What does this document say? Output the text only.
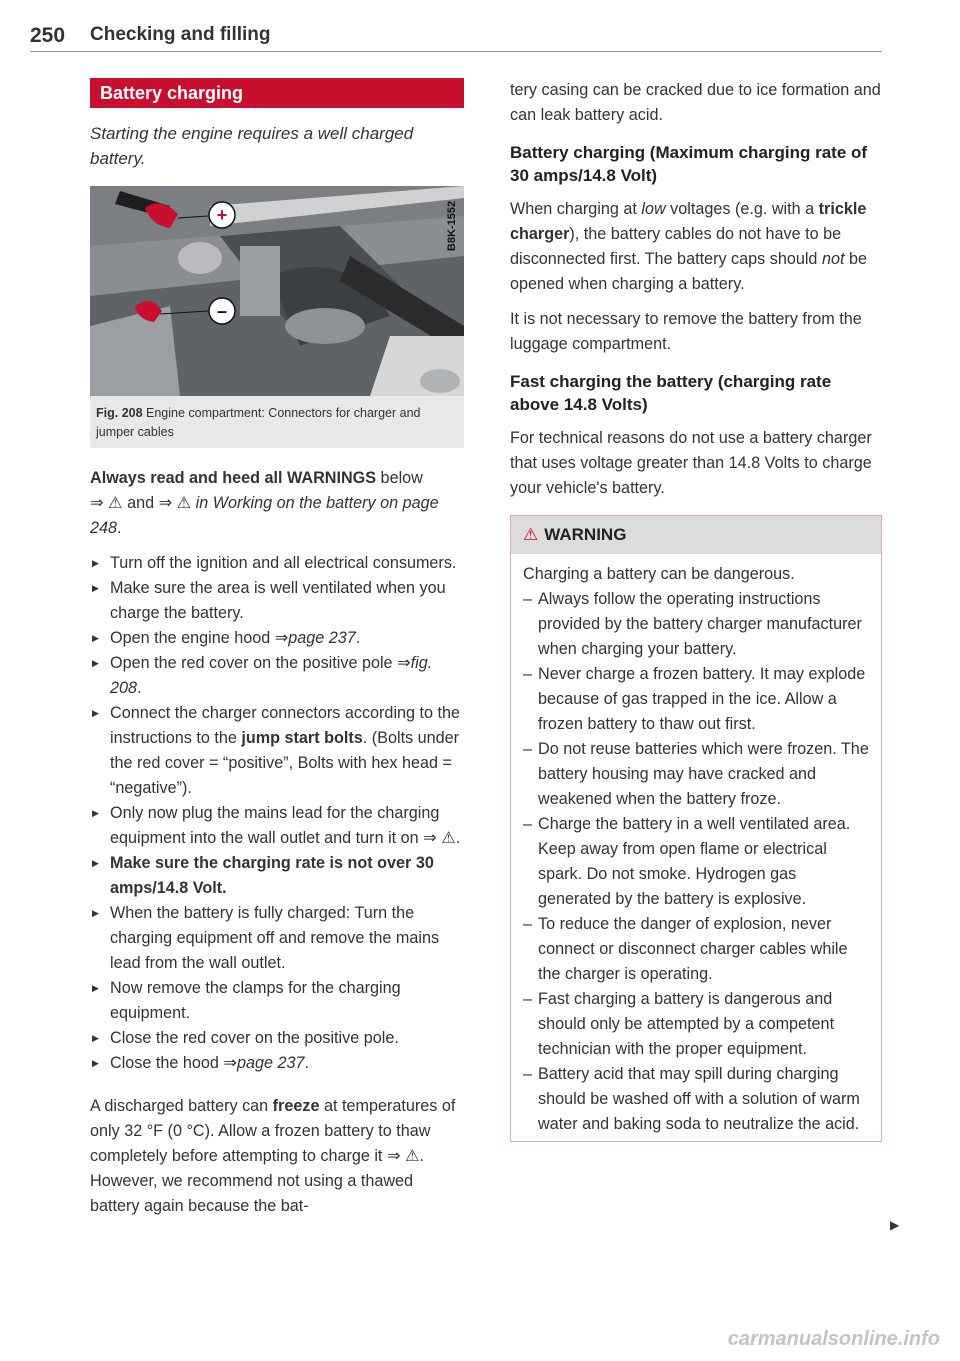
250 Checking and filling
Battery charging
Starting the engine requires a well charged battery.
+
–
B8K-1552
Fig. 208 Engine compartment: Connectors for charger and jumper cables

Always read and heed all WARNINGS below
⇒ ⚠ and ⇒ ⚠ in Working on the battery on page 248.

▶ Turn off the ignition and all electrical consumers.
▶ Make sure the area is well ventilated when you charge the battery.
▶ Open the engine hood ⇒page 237.
▶ Open the red cover on the positive pole ⇒fig. 208.
▶ Connect the charger connectors according to the instructions to the jump start bolts. (Bolts under the red cover = “positive”, Bolts with hex head = “negative”).
▶ Only now plug the mains lead for the charging equipment into the wall outlet and turn it on ⇒ ⚠.
▶ Make sure the charging rate is not over 30 amps/14.8 Volt.
▶ When the battery is fully charged: Turn the charging equipment off and remove the mains lead from the wall outlet.
▶ Now remove the clamps for the charging equipment.
▶ Close the red cover on the positive pole.
▶ Close the hood ⇒page 237.

A discharged battery can freeze at temperatures of only 32 °F (0 °C). Allow a frozen battery to thaw completely before attempting to charge it ⇒ ⚠. However, we recommend not using a thawed battery again because the bat-

tery casing can be cracked due to ice formation and can leak battery acid.

Battery charging (Maximum charging rate of 30 amps/14.8 Volt)

When charging at low voltages (e.g. with a trickle charger), the battery cables do not have to be disconnected first. The battery caps should not be opened when charging a battery.

It is not necessary to remove the battery from the luggage compartment.

Fast charging the battery (charging rate above 14.8 Volts)

For technical reasons do not use a battery charger that uses voltage greater than 14.8 Volts to charge your vehicle's battery.

⚠ WARNING
Charging a battery can be dangerous.
– Always follow the operating instructions provided by the battery charger manufacturer when charging your battery.
– Never charge a frozen battery. It may explode because of gas trapped in the ice. Allow a frozen battery to thaw out first.
– Do not reuse batteries which were frozen. The battery housing may have cracked and weakened when the battery froze.
– Charge the battery in a well ventilated area. Keep away from open flame or electrical spark. Do not smoke. Hydrogen gas generated by the battery is explosive.
– To reduce the danger of explosion, never connect or disconnect charger cables while the charger is operating.
– Fast charging a battery is dangerous and should only be attempted by a competent technician with the proper equipment.
– Battery acid that may spill during charging should be washed off with a solution of warm water and baking soda to neutralize the acid.
▶
carmanualsonline.info
